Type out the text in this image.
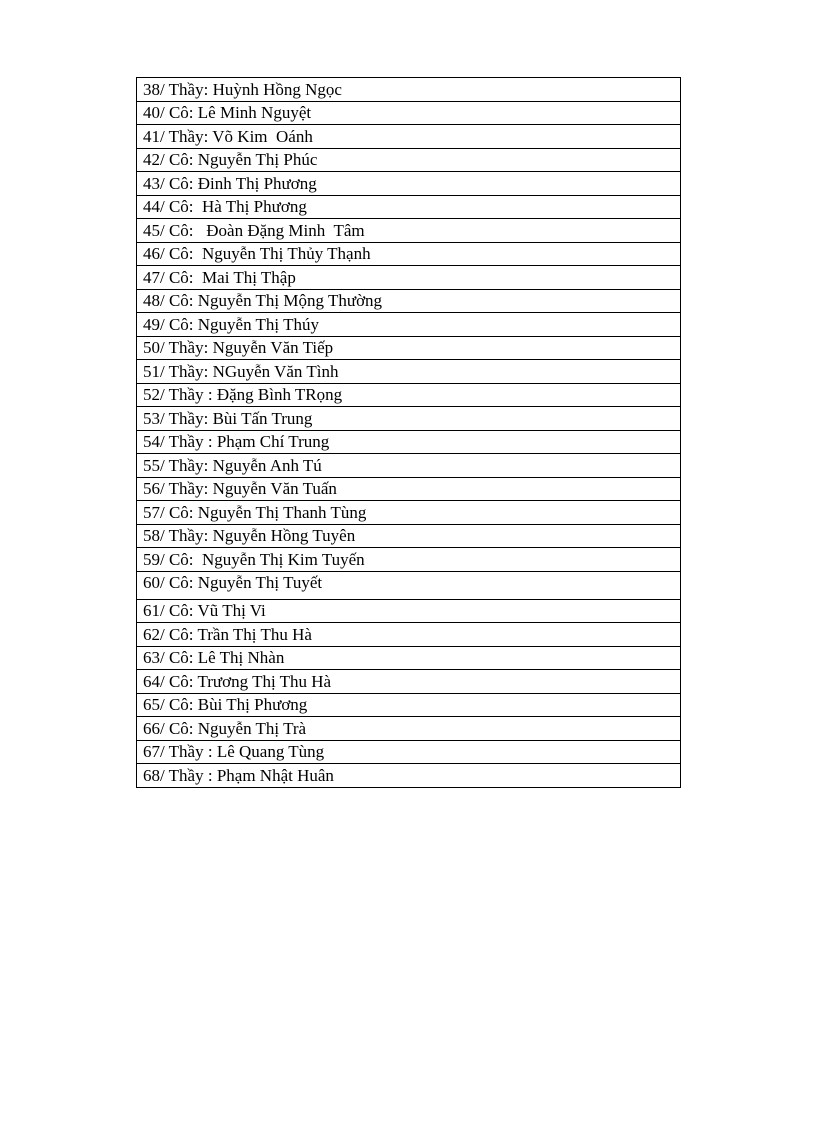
38/ Thầy: Huỳnh Hồng Ngọc
40/ Cô: Lê Minh Nguyệt
41/ Thầy: Võ Kim  Oánh
42/ Cô: Nguyễn Thị Phúc
43/ Cô: Đinh Thị Phương
44/ Cô:  Hà Thị Phương
45/ Cô:   Đoàn Đặng Minh  Tâm
46/ Cô:  Nguyễn Thị Thủy Thạnh
47/ Cô:  Mai Thị Thập
48/ Cô: Nguyễn Thị Mộng Thường
49/ Cô: Nguyễn Thị Thúy
50/ Thầy: Nguyễn Văn Tiếp
51/ Thầy: NGuyễn Văn Tình
52/ Thầy : Đặng Bình TRọng
53/ Thầy: Bùi Tấn Trung
54/ Thầy : Phạm Chí Trung
55/ Thầy: Nguyễn Anh Tú
56/ Thầy: Nguyễn Văn Tuấn
57/ Cô: Nguyễn Thị Thanh Tùng
58/ Thầy: Nguyễn Hồng Tuyên
59/ Cô:  Nguyễn Thị Kim Tuyến
60/ Cô: Nguyễn Thị Tuyết
61/ Cô: Vũ Thị Vi
62/ Cô: Trần Thị Thu Hà
63/ Cô: Lê Thị Nhàn
64/ Cô: Trương Thị Thu Hà
65/ Cô: Bùi Thị Phương
66/ Cô: Nguyễn Thị Trà
67/ Thầy : Lê Quang Tùng
68/ Thầy : Phạm Nhật Huân
